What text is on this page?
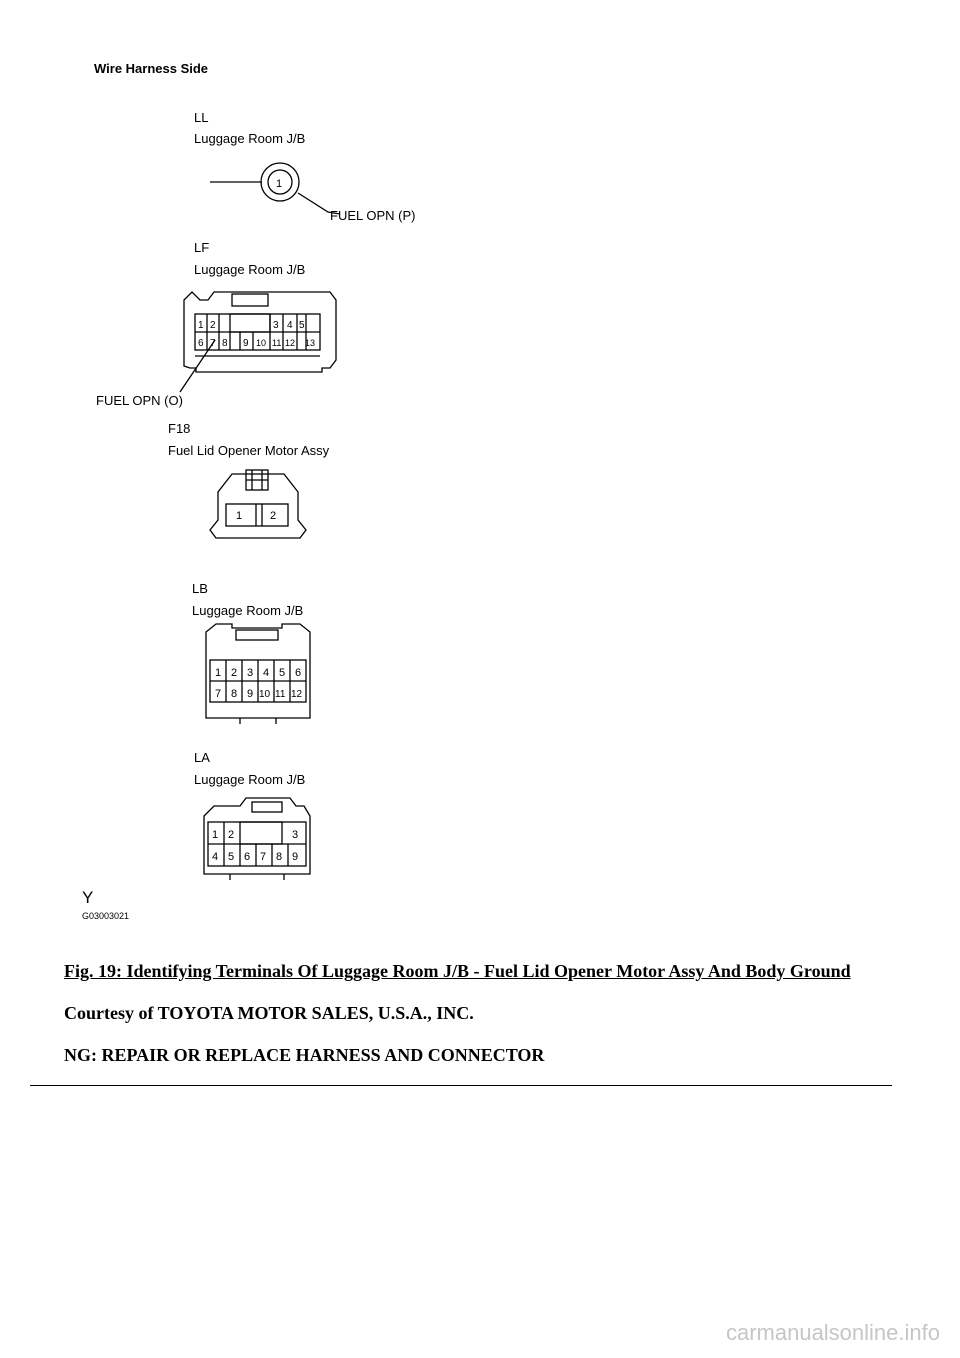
Wire Harness Side
LL
Luggage Room J/B
1
FUEL OPN (P)
LF
Luggage Room J/B
1 2	3 4 5
6 7 8 9 10 11 12 13
FUEL OPN (O)
F18
Fuel Lid Opener Motor Assy
1	2
LB
Luggage Room J/B
1 2 3 4 5 6
7 8 9 10 11 12
LA
Luggage Room J/B
1 2	3
4 5 6 7 8 9
Y
G03003021
Fig. 19: Identifying Terminals Of Luggage Room J/B - Fuel Lid Opener Motor Assy And Body Ground
Courtesy of TOYOTA MOTOR SALES, U.S.A., INC.
NG: REPAIR OR REPLACE HARNESS AND CONNECTOR
carmanualsonline.info
